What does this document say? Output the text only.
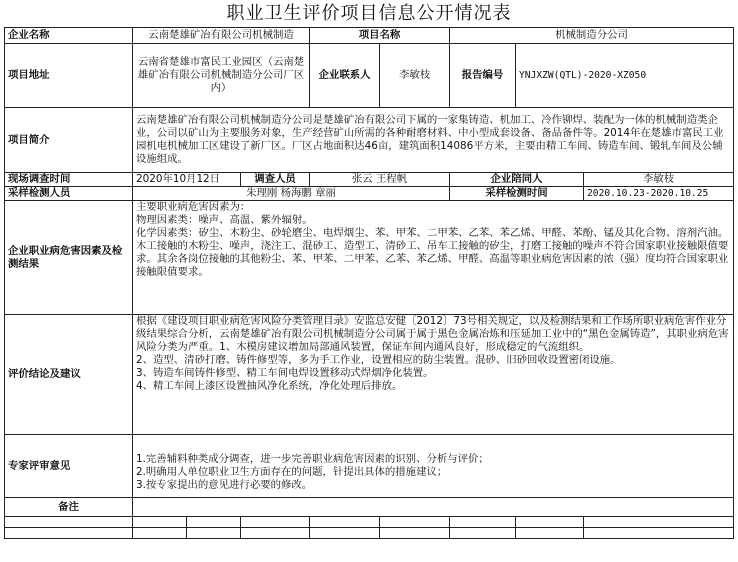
职业卫生评价项目信息公开情况表
企业名称	云南楚雄矿冶有限公司机械制造			项目名称		机械制造分公司		
项目地址	云南省楚雄市富民工业园区（云南楚雄矿冶有限公司机械制造分公司厂区内）			企业联系人	李敏枝	报告编号	YNJXZW(QTL)-2020-XZ050	
项目简介	云南楚雄矿冶有限公司机械制造分公司是楚雄矿冶有限公司下属的一家集铸造、机加工、冷作铆焊、装配为一体的机械制造类企业，公司以矿山为主要服务对象，生产经营矿山所需的各种耐磨材料、中小型成套设备、备品备件等。2014年在楚雄市富民工业园机电机械加工区建设了新厂区。厂区占地面积达46亩，建筑面积14086平方米，主要由精工车间、铸造车间、锻轧车间及公辅设施组成。							
现场调查时间	2020年10月12日		调查人员	张云 王程帆		企业陪同人		李敏枝
采样检测人员	朱理刚 杨海鹏 章丽					采样检测时间		2020.10.23-2020.10.25
企业职业病危害因素及检测结果	主要职业病危害因素为：
物理因素类：噪声、高温、紫外辐射。
化学因素类：矽尘、木粉尘、砂轮磨尘、电焊烟尘、苯、甲苯、二甲苯、乙苯、苯乙烯、甲醛、苯酚、锰及其化合物、溶剂汽油。
木工接触的木粉尘、噪声，浇注工、混砂工、造型工、清砂工、吊车工接触的矽尘，打磨工接触的噪声不符合国家职业接触限值要求。其余各岗位接触的其他粉尘、苯、甲苯、二甲苯、乙苯、苯乙烯、甲醛、高温等职业病危害因素的浓（强）度均符合国家职业接触限值要求。							

评价结论及建议	根据《建设项目职业病危害风险分类管理目录》安监总安健〔2012〕73号相关规定，以及检测结果和工作场所职业病危害作业分级结果综合分析，云南楚雄矿冶有限公司机械制造分公司属于属于黑色金属冶炼和压延加工业中的“黑色金属铸造”，其职业病危害风险分类为严重。1、木模房建议增加局部通风装置，保证车间内通风良好，形成稳定的气流组织。
2、造型、清砂打磨、铸件修型等，多为手工作业，设置相应的防尘装置。混砂、旧砂回收设置密闭设施。
3、铸造车间铸件修型、精工车间电焊设置移动式焊烟净化装置。
4、精工车间上漆区设置抽风净化系统，净化处理后排放。							

专家评审意见	1.完善辅料种类成分调查，进一步完善职业病危害因素的识别、分析与评价；
2.明确用人单位职业卫生方面存在的问题，针提出具体的措施建议；
3.按专家提出的意见进行必要的修改。							

备注								
